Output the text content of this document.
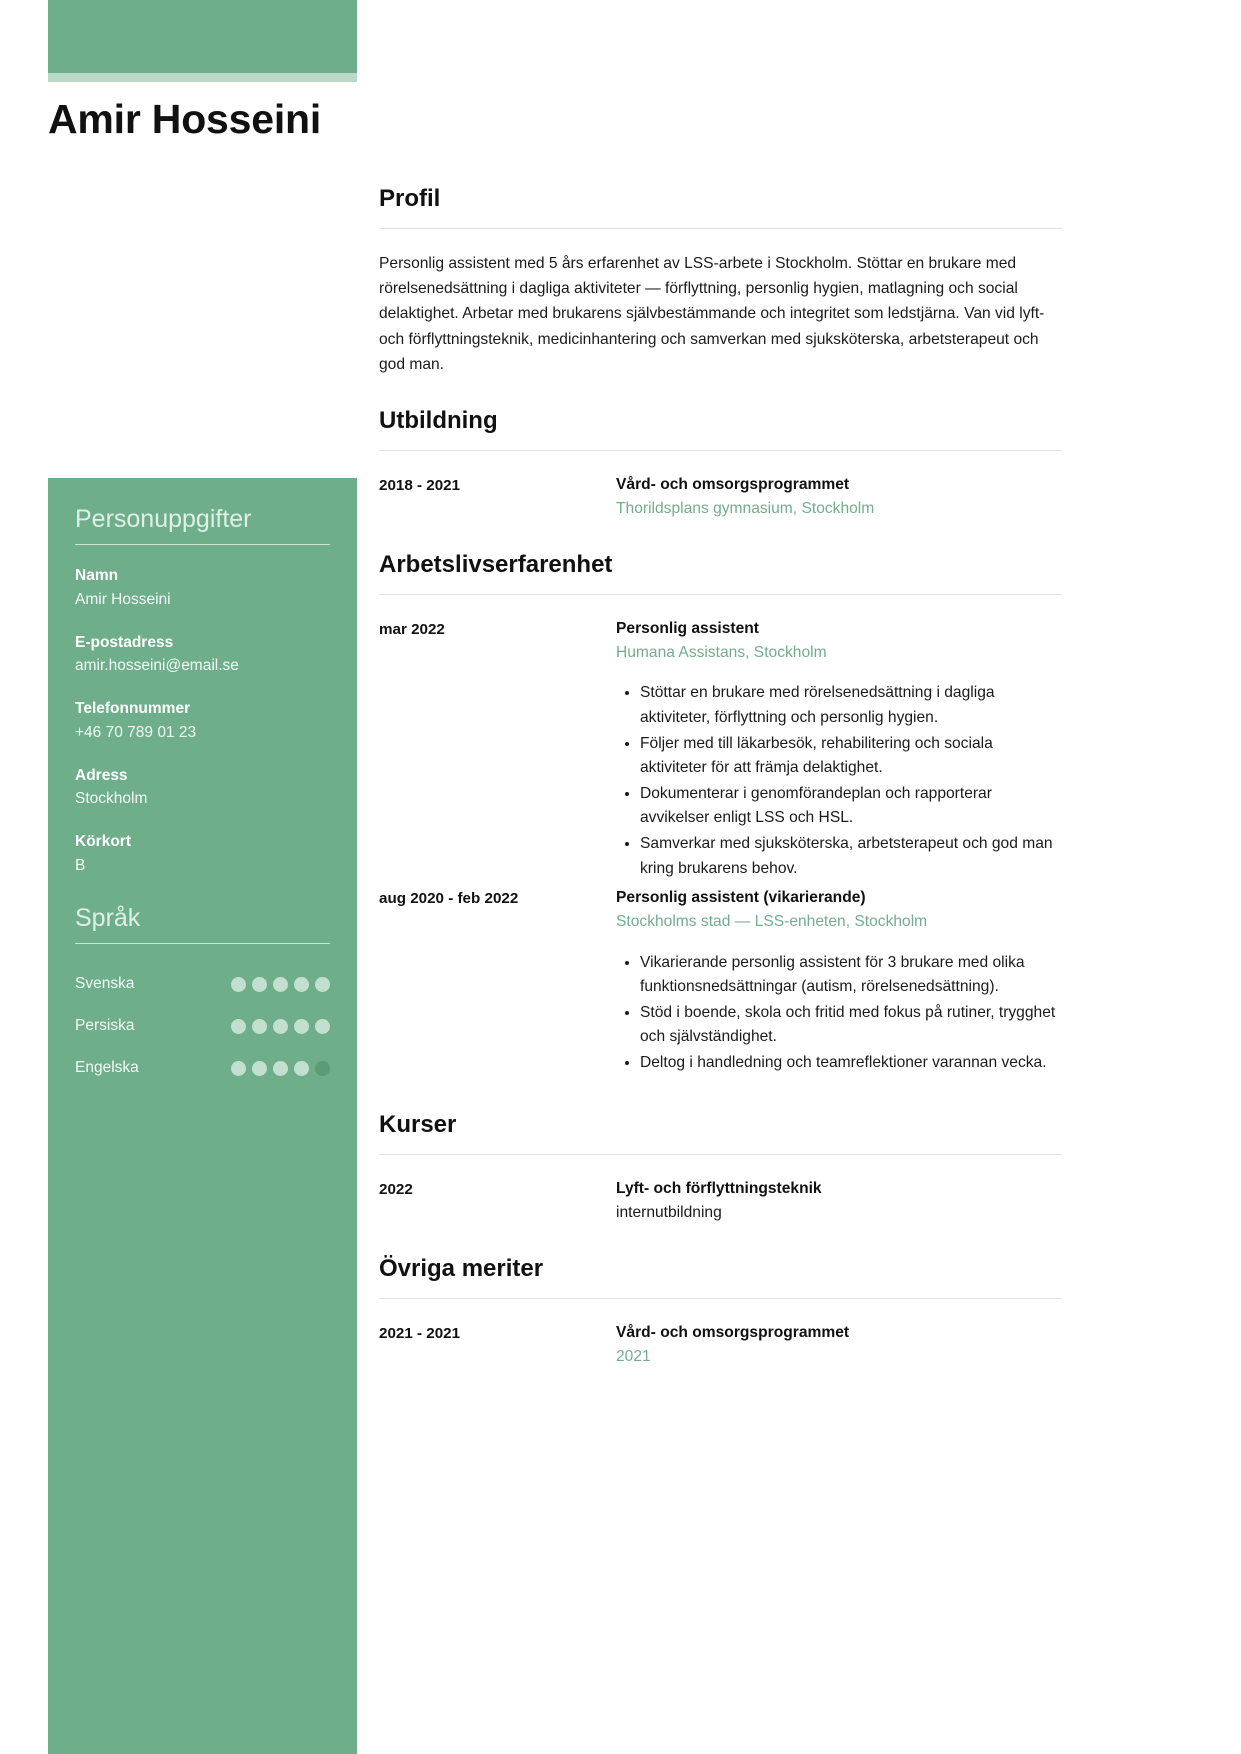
Amir Hosseini
Personuppgifter
Namn
Amir Hosseini
E-postadress
amir.hosseini@email.se
Telefonnummer
+46 70 789 01 23
Adress
Stockholm
Körkort
B
Språk
Svenska
Persiska
Engelska
Profil

Personlig assistent med 5 års erfarenhet av LSS-arbete i Stockholm. Stöttar en brukare med rörelsenedsättning i dagliga aktiviteter — förflyttning, personlig hygien, matlagning och social delaktighet. Arbetar med brukarens självbestämmande och integritet som ledstjärna. Van vid lyft- och förflyttningsteknik, medicinhantering och samverkan med sjuksköterska, arbetsterapeut och god man.

Utbildning
2018 - 2021	Vård- och omsorgsprogrammet
Thorildsplans gymnasium, Stockholm
Arbetslivserfarenhet
mar 2022	Personlig assistent
Humana Assistans, Stockholm
• Stöttar en brukare med rörelsenedsättning i dagliga aktiviteter, förflyttning och personlig hygien.
• Följer med till läkarbesök, rehabilitering och sociala aktiviteter för att främja delaktighet.
• Dokumenterar i genomförandeplan och rapporterar avvikelser enligt LSS och HSL.
• Samverkar med sjuksköterska, arbetsterapeut och god man kring brukarens behov.
aug 2020 - feb 2022	Personlig assistent (vikarierande)
Stockholms stad — LSS-enheten, Stockholm
• Vikarierande personlig assistent för 3 brukare med olika funktionsnedsättningar (autism, rörelsenedsättning).
• Stöd i boende, skola och fritid med fokus på rutiner, trygghet och självständighet.
• Deltog i handledning och teamreflektioner varannan vecka.
Kurser
2022	Lyft- och förflyttningsteknik
internutbildning
Övriga meriter
2021 - 2021	Vård- och omsorgsprogrammet
2021
